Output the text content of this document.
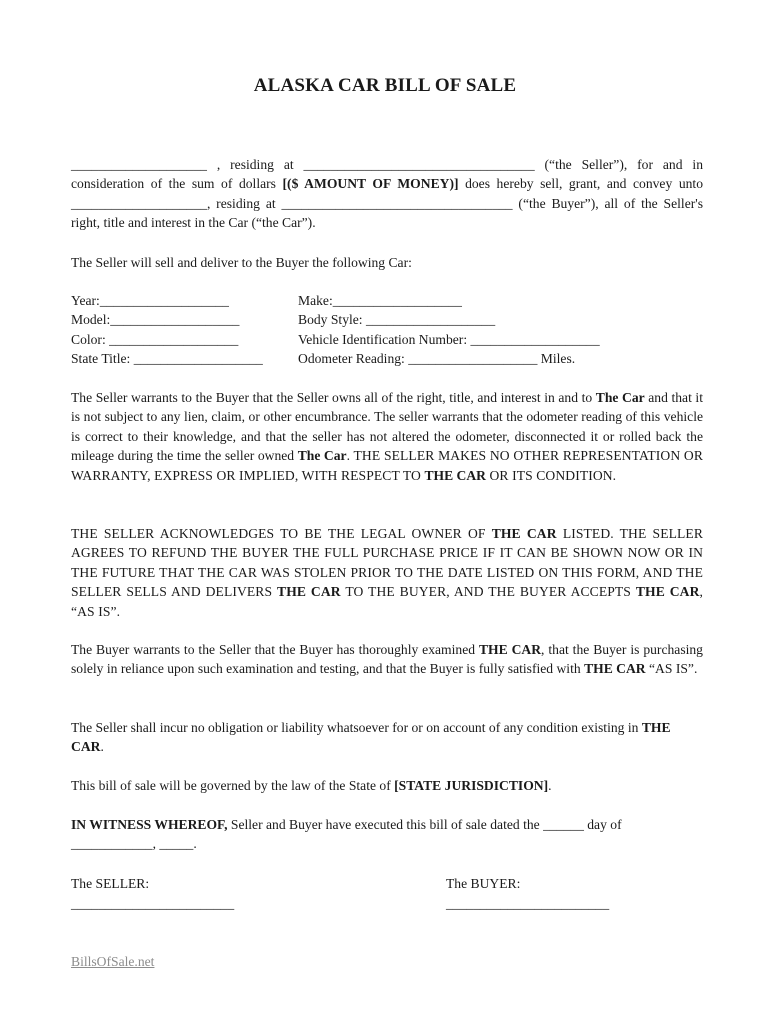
ALASKA CAR BILL OF SALE

____________________ , residing at __________________________________ (“the Seller”), for and in consideration of the sum of dollars [($ AMOUNT OF MONEY)] does hereby sell, grant, and convey unto ____________________, residing at __________________________________ (“the Buyer”), all of the Seller's right, title and interest in the Car (“the Car”).

The Seller will sell and deliver to the Buyer the following Car:

Year:___________________	Make:___________________
Model:___________________	Body Style: ___________________
Color: ___________________	Vehicle Identification Number: ___________________
State Title: ___________________	Odometer Reading: ___________________ Miles.

The Seller warrants to the Buyer that the Seller owns all of the right, title, and interest in and to The Car and that it is not subject to any lien, claim, or other encumbrance. The seller warrants that the odometer reading of this vehicle is correct to their knowledge, and that the seller has not altered the odometer, disconnected it or rolled back the mileage during the time the seller owned The Car. THE SELLER MAKES NO OTHER REPRESENTATION OR WARRANTY, EXPRESS OR IMPLIED, WITH RESPECT TO THE CAR OR ITS CONDITION.

THE SELLER ACKNOWLEDGES TO BE THE LEGAL OWNER OF THE CAR LISTED. THE SELLER AGREES TO REFUND THE BUYER THE FULL PURCHASE PRICE IF IT CAN BE SHOWN NOW OR IN THE FUTURE THAT THE CAR WAS STOLEN PRIOR TO THE DATE LISTED ON THIS FORM, AND THE SELLER SELLS AND DELIVERS THE CAR TO THE BUYER, AND THE BUYER ACCEPTS THE CAR, “AS IS”.

The Buyer warrants to the Seller that the Buyer has thoroughly examined THE CAR, that the Buyer is purchasing solely in reliance upon such examination and testing, and that the Buyer is fully satisfied with THE CAR “AS IS”.

The Seller shall incur no obligation or liability whatsoever for or on account of any condition existing in THE CAR.

This bill of sale will be governed by the law of the State of [STATE JURISDICTION].

IN WITNESS WHEREOF, Seller and Buyer have executed this bill of sale dated the ______ day of ____________, _____.

The SELLER:
________________________
The BUYER:
________________________
BillsOfSale.net
